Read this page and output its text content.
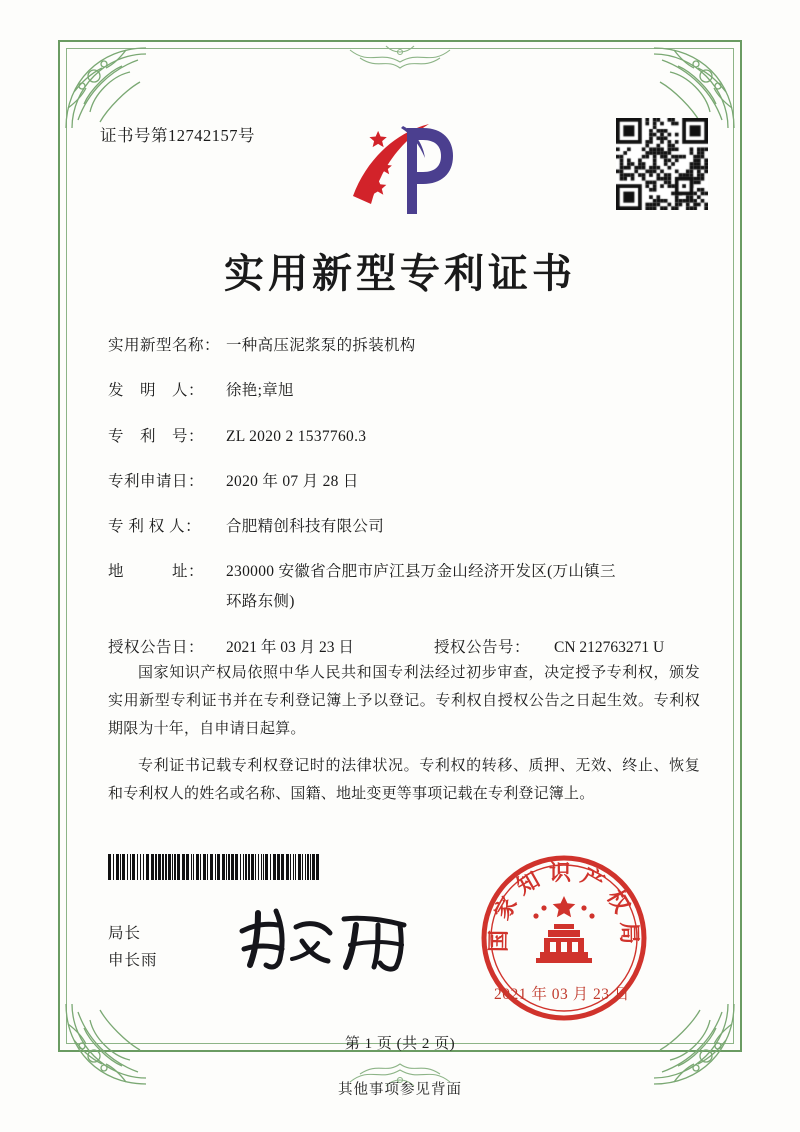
证书号第12742157号
实用新型专利证书
实用新型名称： 一种高压泥浆泵的拆装机构
发　明　人：	徐艳;章旭
专　利　号：	ZL 2020 2 1537760.3
专利申请日：	2020 年 07 月 28 日
专 利 权 人：	合肥精创科技有限公司
地　　　址：	230000 安徽省合肥市庐江县万金山经济开发区(万山镇三
环路东侧)
授权公告日：	2021 年 03 月 23 日	授权公告号：	CN 212763271 U

国家知识产权局依照中华人民共和国专利法经过初步审查，决定授予专利权，颁发实用新型专利证书并在专利登记簿上予以登记。专利权自授权公告之日起生效。专利权期限为十年，自申请日起算。

专利证书记载专利权登记时的法律状况。专利权的转移、质押、无效、终止、恢复和专利权人的姓名或名称、国籍、地址变更等事项记载在专利登记簿上。

局长
申长雨
国家知识产权局
2021 年 03 月 23 日
第 1 页 (共 2 页)
其他事项参见背面
